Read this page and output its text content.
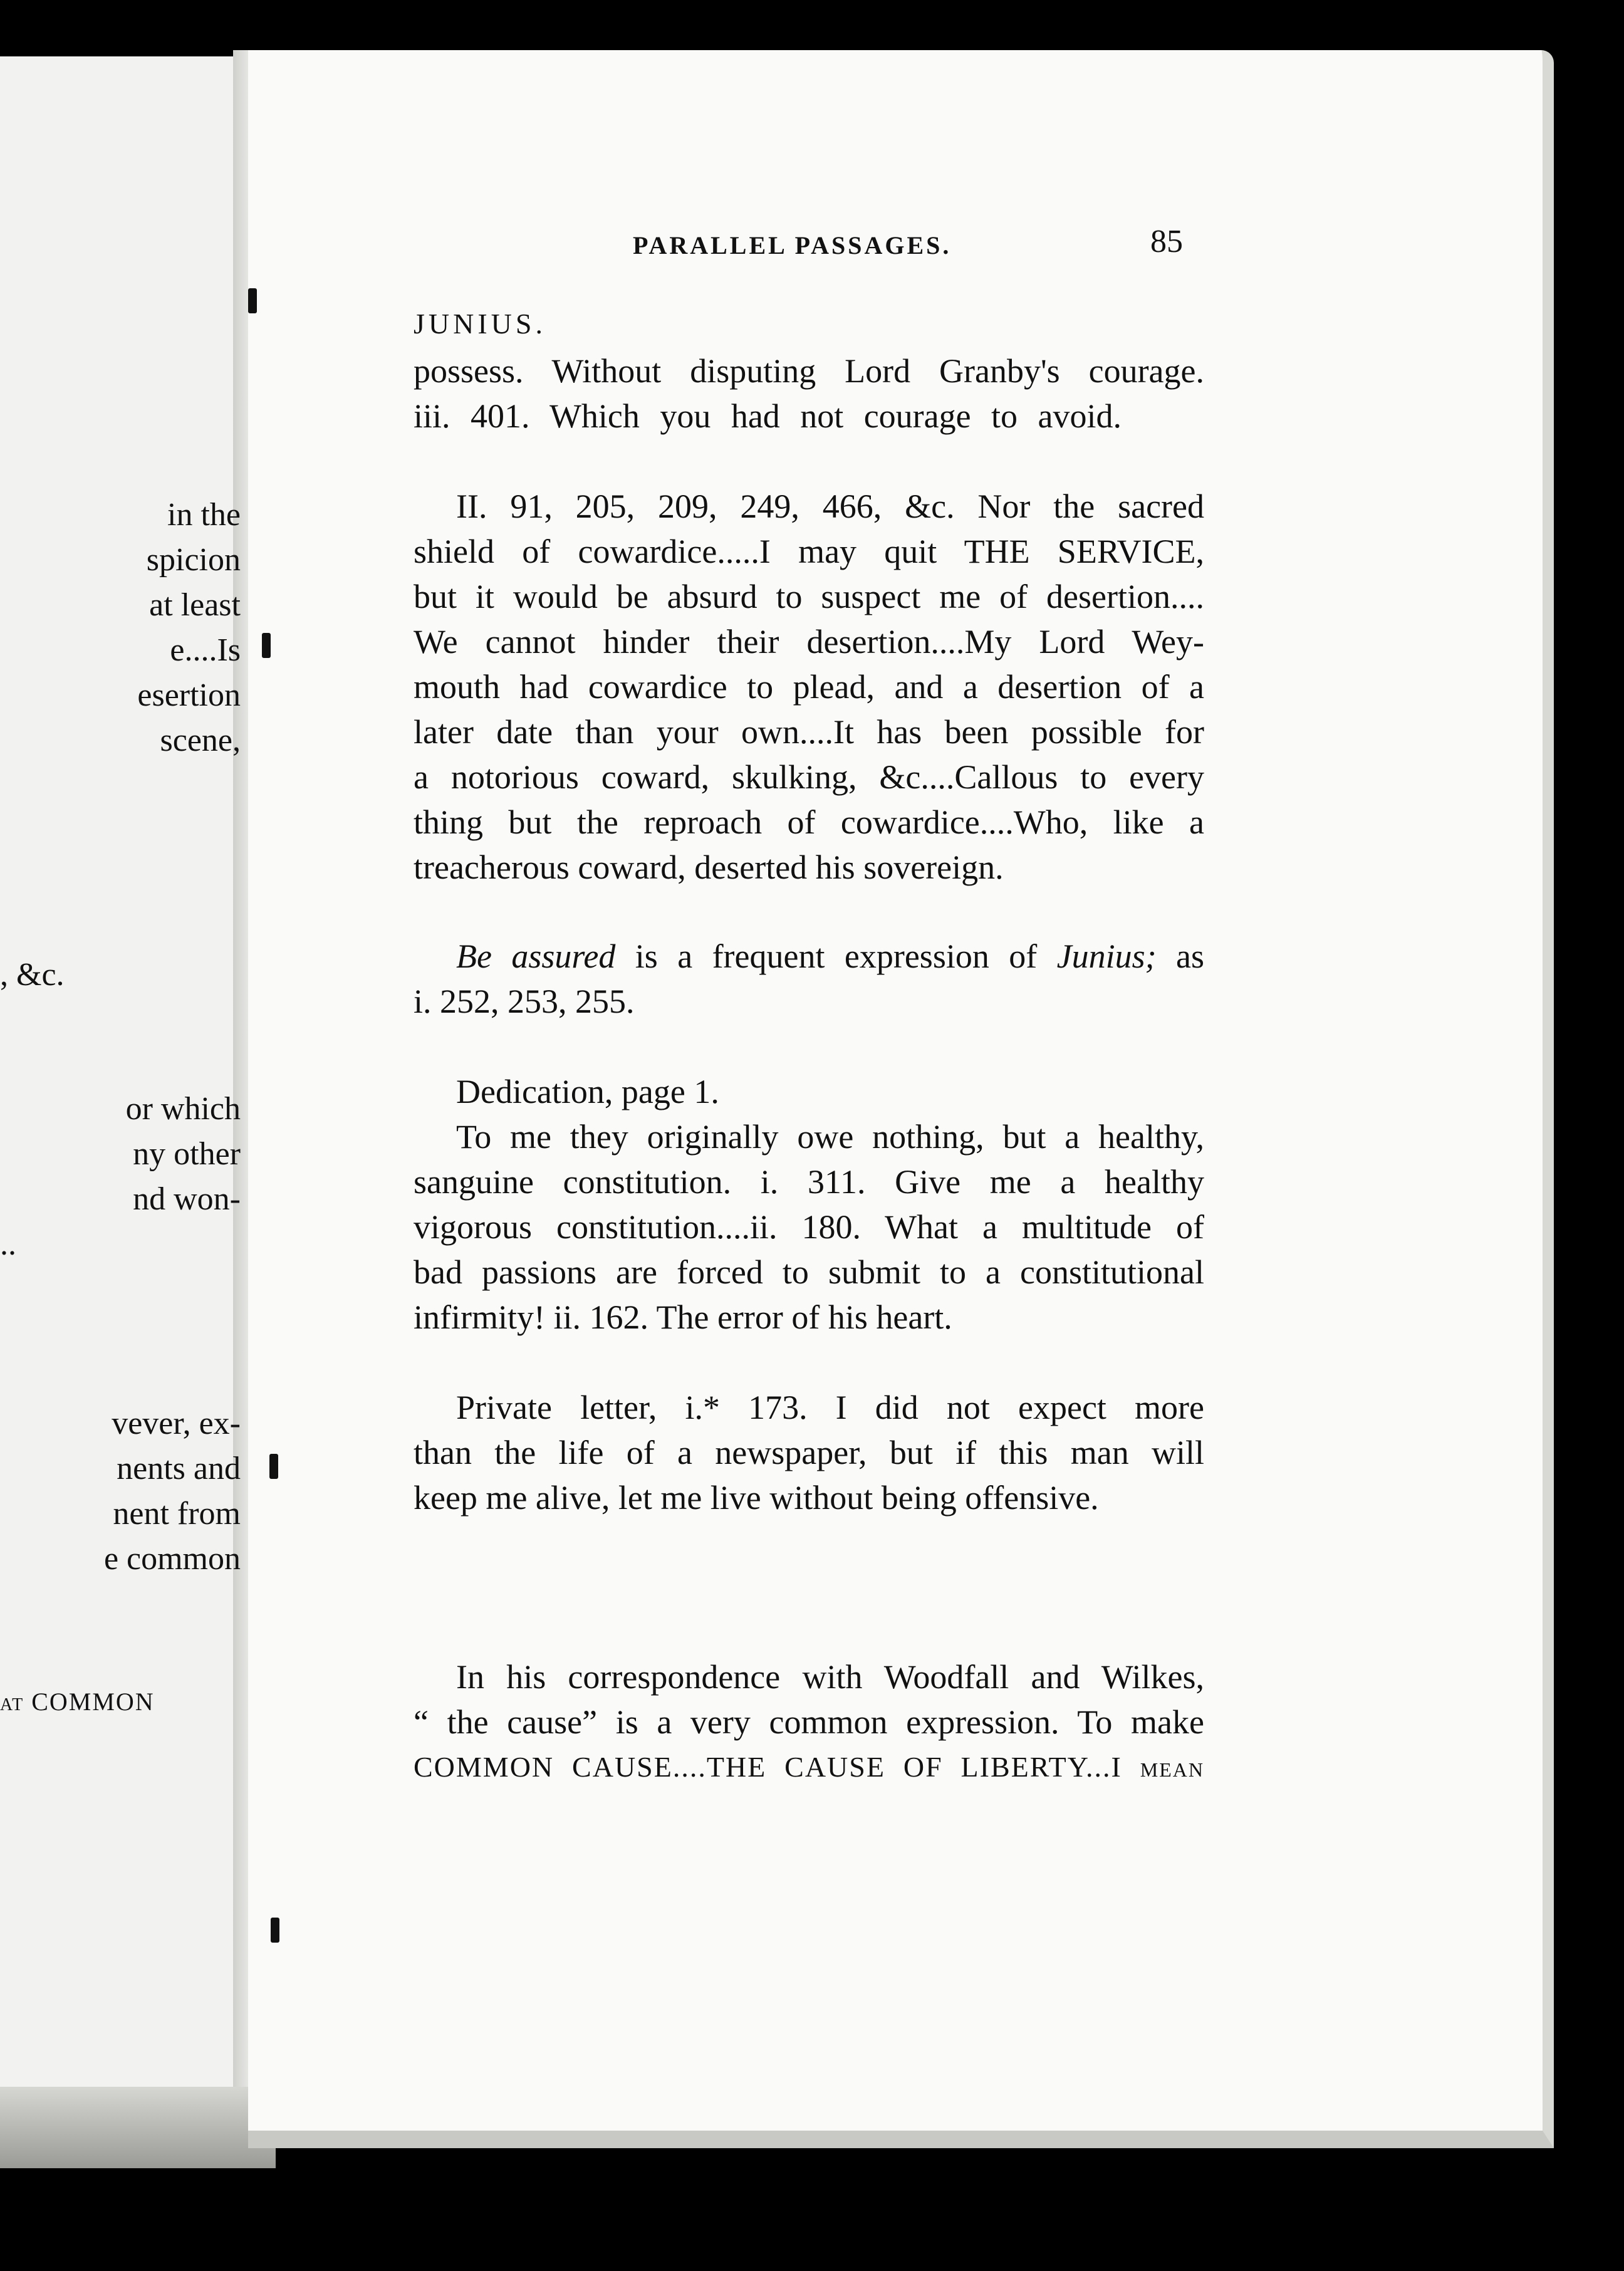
in the
spicion
at least
e....Is
esertion
scene,
, &c.
or which
ny other
nd won-
..
vever, ex-
nents and
nent from
e common
at COMMON
PARALLEL PASSAGES.	85
JUNIUS.
possess. Without disputing Lord Granby's courage.
iii. 401. Which you had not courage to avoid.
II. 91, 205, 209, 249, 466, &c. Nor the sacred
shield of cowardice.....I may quit THE SERVICE,
but it would be absurd to suspect me of desertion....
We cannot hinder their desertion....My Lord Wey-
mouth had cowardice to plead, and a desertion of a
later date than your own....It has been possible for
a notorious coward, skulking, &c....Callous to every
thing but the reproach of cowardice....Who, like a
treacherous coward, deserted his sovereign.
Be assured is a frequent expression of Junius; as
i. 252, 253, 255.
Dedication, page 1.
To me they originally owe nothing, but a healthy,
sanguine constitution. i. 311. Give me a healthy
vigorous constitution....ii. 180. What a multitude of
bad passions are forced to submit to a constitutional
infirmity! ii. 162. The error of his heart.
Private letter, i.* 173. I did not expect more
than the life of a newspaper, but if this man will
keep me alive, let me live without being offensive.
In his correspondence with Woodfall and Wilkes,
“ the cause” is a very common expression. To make
COMMON CAUSE....THE CAUSE OF LIBERTY...I mean
